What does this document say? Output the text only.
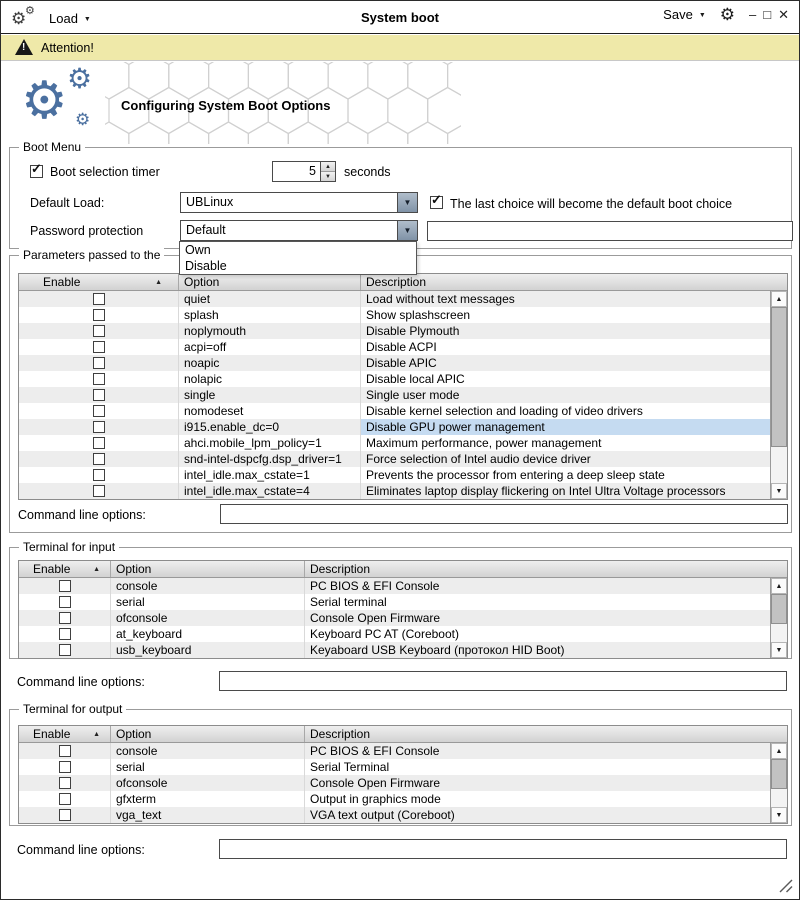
⚙
⚙ Load ▼	System boot	Save ▼ ⚙ – □ ✕
! Attention!
⚙ ⚙
⚙
Configuring System Boot Options
Boot Menu
✓ Boot selection timer	5	▲
▼ seconds
Default Load:	UBLinux	▼ ✓ The last choice will become the default boot choice
Password protection	Default	▼
Own
Disable
Parameters passed to the
Enable	▲	Option	Description
quiet	Load without text messages
splash	Show splashscreen
noplymouth	Disable Plymouth
acpi=off	Disable ACPI
noapic	Disable APIC
nolapic	Disable local APIC
single	Single user mode
nomodeset	Disable kernel selection and loading of video drivers
i915.enable_dc=0	Disable GPU power management
ahci.mobile_lpm_policy=1	Maximum performance, power management
snd-intel-dspcfg.dsp_driver=1	Force selection of Intel audio device driver
intel_idle.max_cstate=1	Prevents the processor from entering a deep sleep state
intel_idle.max_cstate=4	Eliminates laptop display flickering on Intel Ultra Voltage processors
▲
▼
Command line options:
Terminal for input
Enable	▲	Option	Description
console	PC BIOS & EFI Console
serial	Serial terminal
ofconsole	Console Open Firmware
at_keyboard	Keyboard PC AT (Coreboot)
usb_keyboard	Keyaboard USB Keyboard (протокол HID Boot)
▲
▼
Command line options:
Terminal for output
Enable	▲	Option	Description
console	PC BIOS & EFI Console
serial	Serial Terminal
ofconsole	Console Open Firmware
gfxterm	Output in graphics mode
vga_text	VGA text output (Coreboot)
▲
▼
Command line options:
